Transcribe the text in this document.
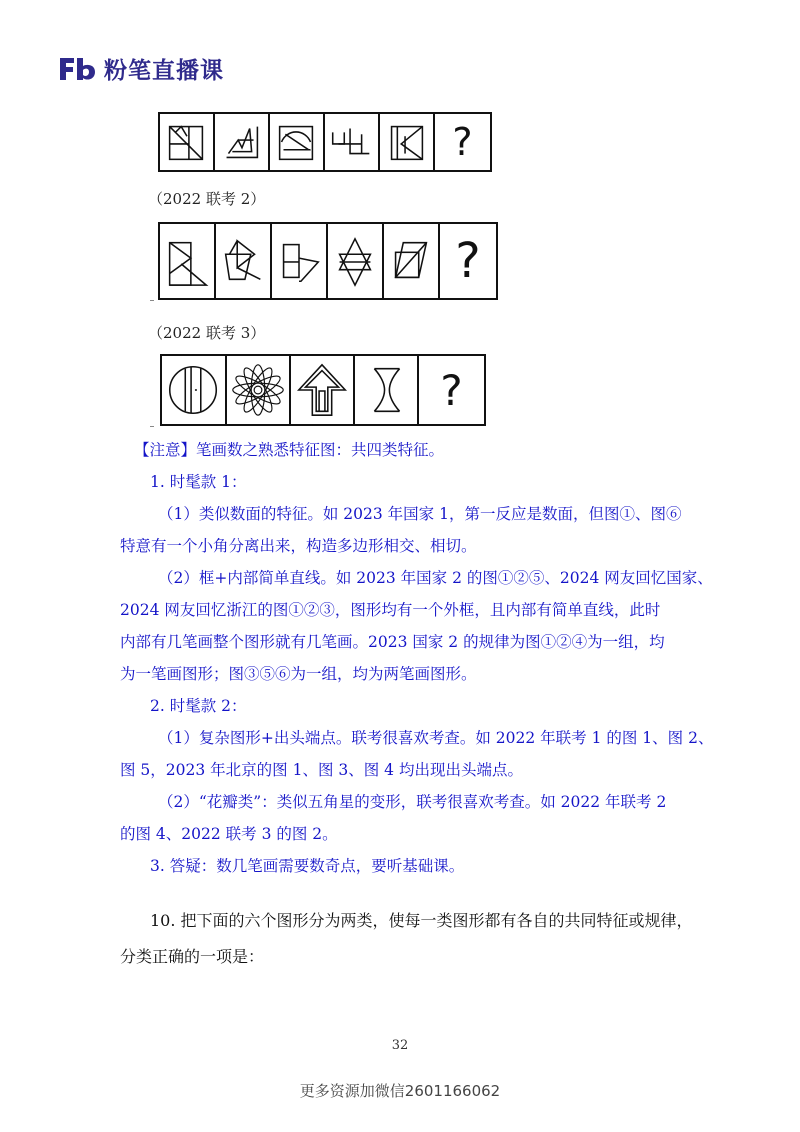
粉笔直播课
?
（2022 联考 2）
?
（2022 联考 3）
?
【注意】笔画数之熟悉特征图：共四类特征。
1. 时髦款 1：
（1）类似数面的特征。如 2023 年国家 1，第一反应是数面，但图①、图⑥
特意有一个小角分离出来，构造多边形相交、相切。
（2）框+内部简单直线。如 2023 年国家 2 的图①②⑤、2024 网友回忆国家、
2024 网友回忆浙江的图①②③，图形均有一个外框，且内部有简单直线，此时
内部有几笔画整个图形就有几笔画。2023 国家 2 的规律为图①②④为一组，均
为一笔画图形；图③⑤⑥为一组，均为两笔画图形。
2. 时髦款 2：
（1）复杂图形+出头端点。联考很喜欢考查。如 2022 年联考 1 的图 1、图 2、
图 5，2023 年北京的图 1、图 3、图 4 均出现出头端点。
（2）“花瓣类”：类似五角星的变形，联考很喜欢考查。如 2022 年联考 2
的图 4、2022 联考 3 的图 2。
3. 答疑：数几笔画需要数奇点，要听基础课。
10. 把下面的六个图形分为两类，使每一类图形都有各自的共同特征或规律，
分类正确的一项是：
32
更多资源加微信2601166062
